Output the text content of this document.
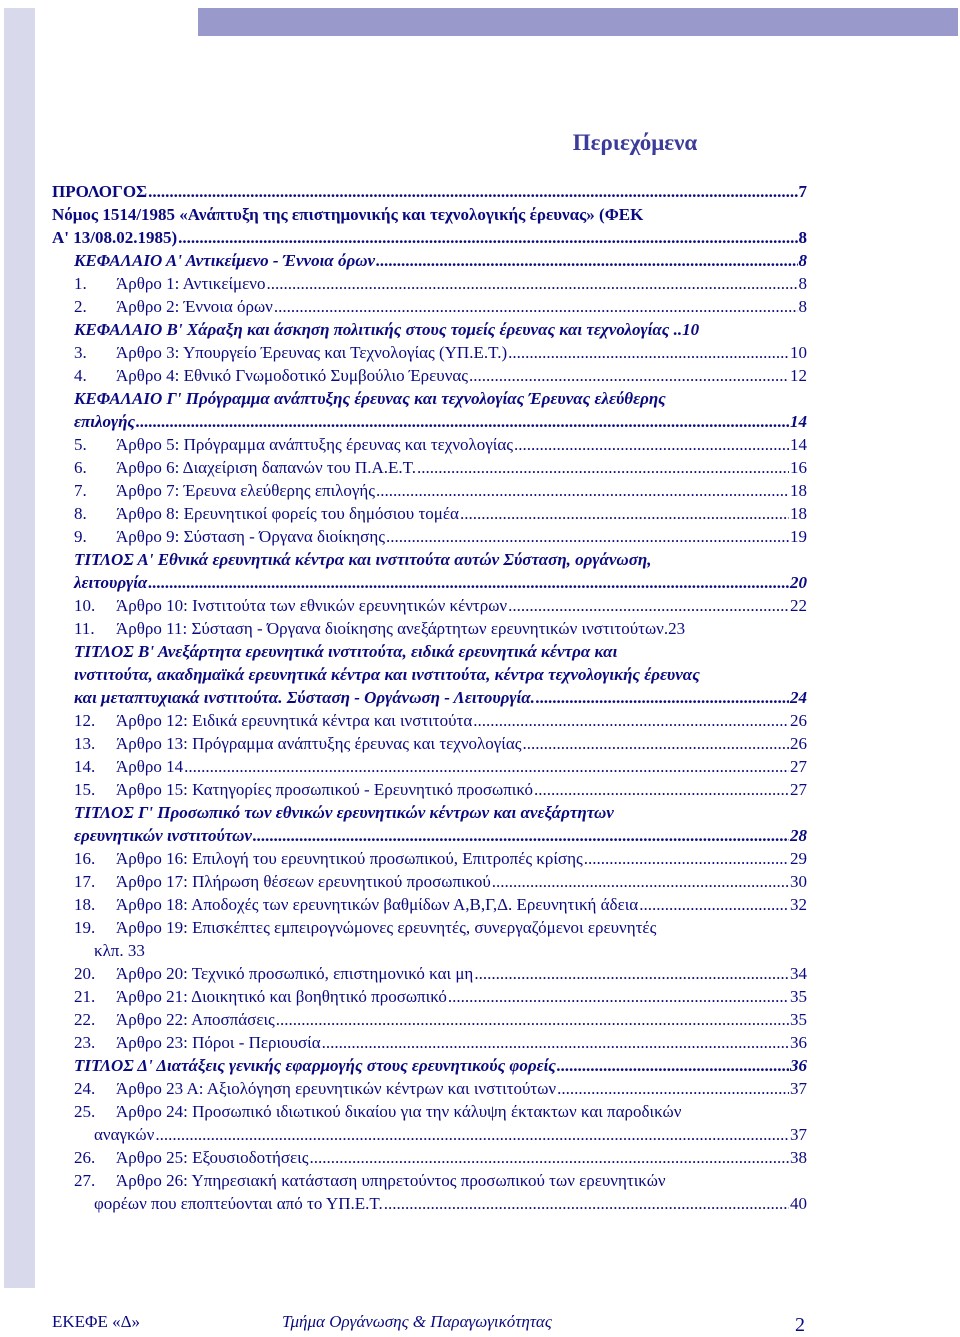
Περιεχόμενα
ΠΡΟΛΟΓΟΣ .....	7
Νόμος 1514/1985 «Ανάπτυξη της επιστημονικής και τεχνολογικής έρευνας» (ΦΕΚ
Α' 13/08.02.1985) .....	8
ΚΕΦΑΛΑΙΟ Α' Αντικείμενο - Έννοια όρων .....	8
1.	Άρθρο 1: Αντικείμενο .....	8
2.	Άρθρο 2: Έννοια όρων .....	8
ΚΕΦΑΛΑΙΟ Β' Χάραξη και άσκηση πολιτικής στους τομείς έρευνας και τεχνολογίας .. 10
3.	Άρθρο 3: Υπουργείο Έρευνας και Τεχνολογίας (ΥΠ.Ε.Τ.) .....	10
4.	Άρθρο 4: Εθνικό Γνωμοδοτικό Συμβούλιο Έρευνας .....	12
ΚΕΦΑΛΑΙΟ Γ' Πρόγραμμα ανάπτυξης έρευνας και τεχνολογίας Έρευνας ελεύθερης
επιλογής .....	14
5.	Άρθρο 5: Πρόγραμμα ανάπτυξης έρευνας και τεχνολογίας .....	14
6.	Άρθρο 6: Διαχείριση δαπανών του Π.Α.Ε.Τ. .....	16
7.	Άρθρο 7: Έρευνα ελεύθερης επιλογής .....	18
8.	Άρθρο 8: Ερευνητικοί φορείς του δημόσιου τομέα .....	18
9.	Άρθρο 9: Σύσταση - Όργανα διοίκησης .....	19
ΤΙΤΛΟΣ Α' Εθνικά ερευνητικά κέντρα και ινστιτούτα αυτών Σύσταση, οργάνωση,
λειτουργία .....	20
10.	Άρθρο 10: Ινστιτούτα των εθνικών ερευνητικών κέντρων .....	22
11.	Άρθρο 11: Σύσταση - Όργανα διοίκησης ανεξάρτητων ερευνητικών ινστιτούτων. 23
ΤΙΤΛΟΣ Β' Ανεξάρτητα ερευνητικά ινστιτούτα, ειδικά ερευνητικά κέντρα και
ινστιτούτα, ακαδημαϊκά ερευνητικά κέντρα και ινστιτούτα, κέντρα τεχνολογικής έρευνας
και μεταπτυχιακά ινστιτούτα. Σύσταση - Οργάνωση - Λειτουργία. .....	24
12.	Άρθρο 12: Ειδικά ερευνητικά κέντρα και ινστιτούτα .....	26
13.	Άρθρο 13: Πρόγραμμα ανάπτυξης έρευνας και τεχνολογίας .....	26
14.	Άρθρο 14 .....	27
15.	Άρθρο 15: Κατηγορίες προσωπικού - Ερευνητικό προσωπικό .....	27
ΤΙΤΛΟΣ Γ' Προσωπικό των εθνικών ερευνητικών κέντρων και ανεξάρτητων
ερευνητικών ινστιτούτων .....	28
16.	Άρθρο 16: Επιλογή του ερευνητικού προσωπικού, Επιτροπές κρίσης .....	29
17.	Άρθρο 17: Πλήρωση θέσεων ερευνητικού προσωπικού .....	30
18.	Άρθρο 18: Αποδοχές των ερευνητικών βαθμίδων Α,Β,Γ,Δ. Ερευνητική άδεια .....	32
19. Άρθρο 19: Επισκέπτες εμπειρογνώμονες ερευνητές, συνεργαζόμενοι ερευνητές
κλπ. 33
20.	Άρθρο 20: Τεχνικό προσωπικό, επιστημονικό και μη .....	34
21.	Άρθρο 21: Διοικητικό και βοηθητικό προσωπικό .....	35
22.	Άρθρο 22: Αποσπάσεις .....	35
23.	Άρθρο 23: Πόροι - Περιουσία .....	36
ΤΙΤΛΟΣ Δ' Διατάξεις γενικής εφαρμογής στους ερευνητικούς φορείς .....	36
24.	Άρθρο 23 Α: Αξιολόγηση ερευνητικών κέντρων και ινστιτούτων .....	37
25. Άρθρο 24: Προσωπικό ιδιωτικού δικαίου για την κάλυψη έκτακτων και παροδικών
αναγκών .....	37
26.	Άρθρο 25: Εξουσιοδοτήσεις .....	38
27. Άρθρο 26: Υπηρεσιακή κατάσταση υπηρετούντος προσωπικού των ερευνητικών
φορέων που εποπτεύονται από το ΥΠ.Ε.Τ. .....	40
ΕΚΕΦΕ «Δ»	Τμήμα Οργάνωσης & Παραγωγικότητας	2
